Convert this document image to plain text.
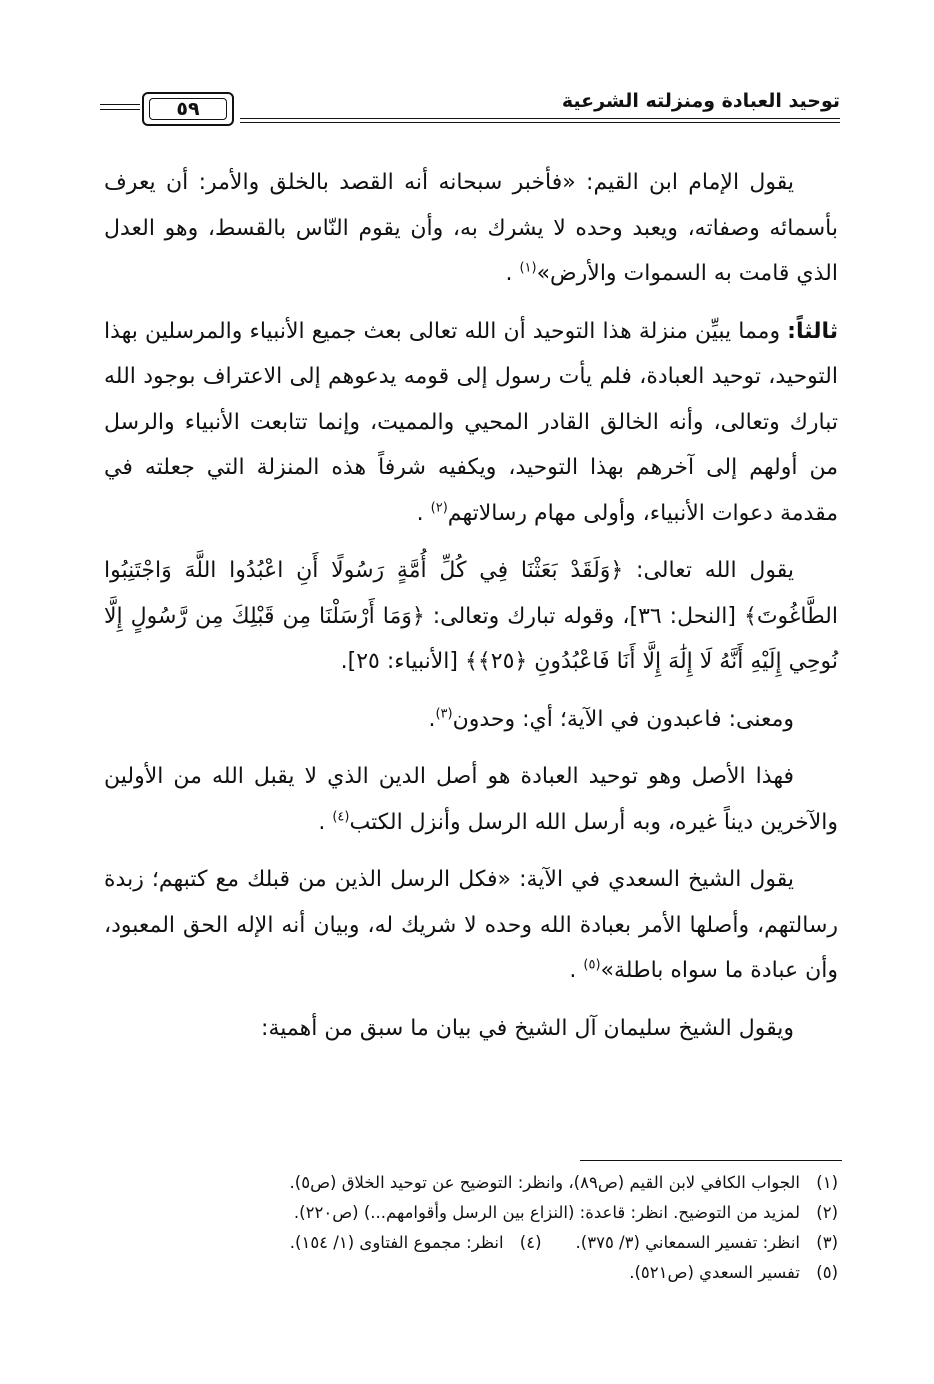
توحيد العبادة ومنزلته الشرعية
٥٩

يقول الإمام ابن القيم: «فأخبر سبحانه أنه القصد بالخلق والأمر: أن يعرف بأسمائه وصفاته، ويعبد وحده لا يشرك به، وأن يقوم النّاس بالقسط، وهو العدل الذي قامت به السموات والأرض»$^{(١)}$ .

ثالثاً: ومما يبيِّن منزلة هذا التوحيد أن الله تعالى بعث جميع الأنبياء والمرسلين بهذا التوحيد، توحيد العبادة، فلم يأت رسول إلى قومه يدعوهم إلى الاعتراف بوجود الله تبارك وتعالى، وأنه الخالق القادر المحيي والمميت، وإنما تتابعت الأنبياء والرسل من أولهم إلى آخرهم بهذا التوحيد، ويكفيه شرفاً هذه المنزلة التي جعلته في مقدمة دعوات الأنبياء، وأولى مهام رسالاتهم$^{(٢)}$ .

يقول الله تعالى: ﴿وَلَقَدْ بَعَثْنَا فِي كُلِّ أُمَّةٍ رَسُولًا أَنِ اعْبُدُوا اللَّهَ وَاجْتَنِبُوا الطَّاغُوتَ﴾ [النحل: ٣٦]، وقوله تبارك وتعالى: ﴿وَمَا أَرْسَلْنَا مِن قَبْلِكَ مِن رَّسُولٍ إِلَّا نُوحِي إِلَيْهِ أَنَّهُ لَا إِلَٰهَ إِلَّا أَنَا فَاعْبُدُونِ ﴿٢٥﴾﴾ [الأنبياء: ٢٥].

ومعنى: فاعبدون في الآية؛ أي: وحدون$^{(٣)}$.

فهذا الأصل وهو توحيد العبادة هو أصل الدين الذي لا يقبل الله من الأولين والآخرين ديناً غيره، وبه أرسل الله الرسل وأنزل الكتب$^{(٤)}$ .

يقول الشيخ السعدي في الآية: «فكل الرسل الذين من قبلك مع كتبهم؛ زبدة رسالتهم، وأصلها الأمر بعبادة الله وحده لا شريك له، وبيان أنه الإله الحق المعبود، وأن عبادة ما سواه باطلة»$^{(٥)}$ .

ويقول الشيخ سليمان آل الشيخ في بيان ما سبق من أهمية:

(١)الجواب الكافي لابن القيم (ص٨٩)، وانظر: التوضيح عن توحيد الخلاق (ص٥).
(٢)لمزيد من التوضيح. انظر: قاعدة: (النزاع بين الرسل وأقوامهم...) (ص٢٢٠).
(٣)انظر: تفسير السمعاني (٣/ ٣٧٥).(٤)انظر: مجموع الفتاوى (١/ ١٥٤).
(٥)تفسير السعدي (ص٥٢١).
